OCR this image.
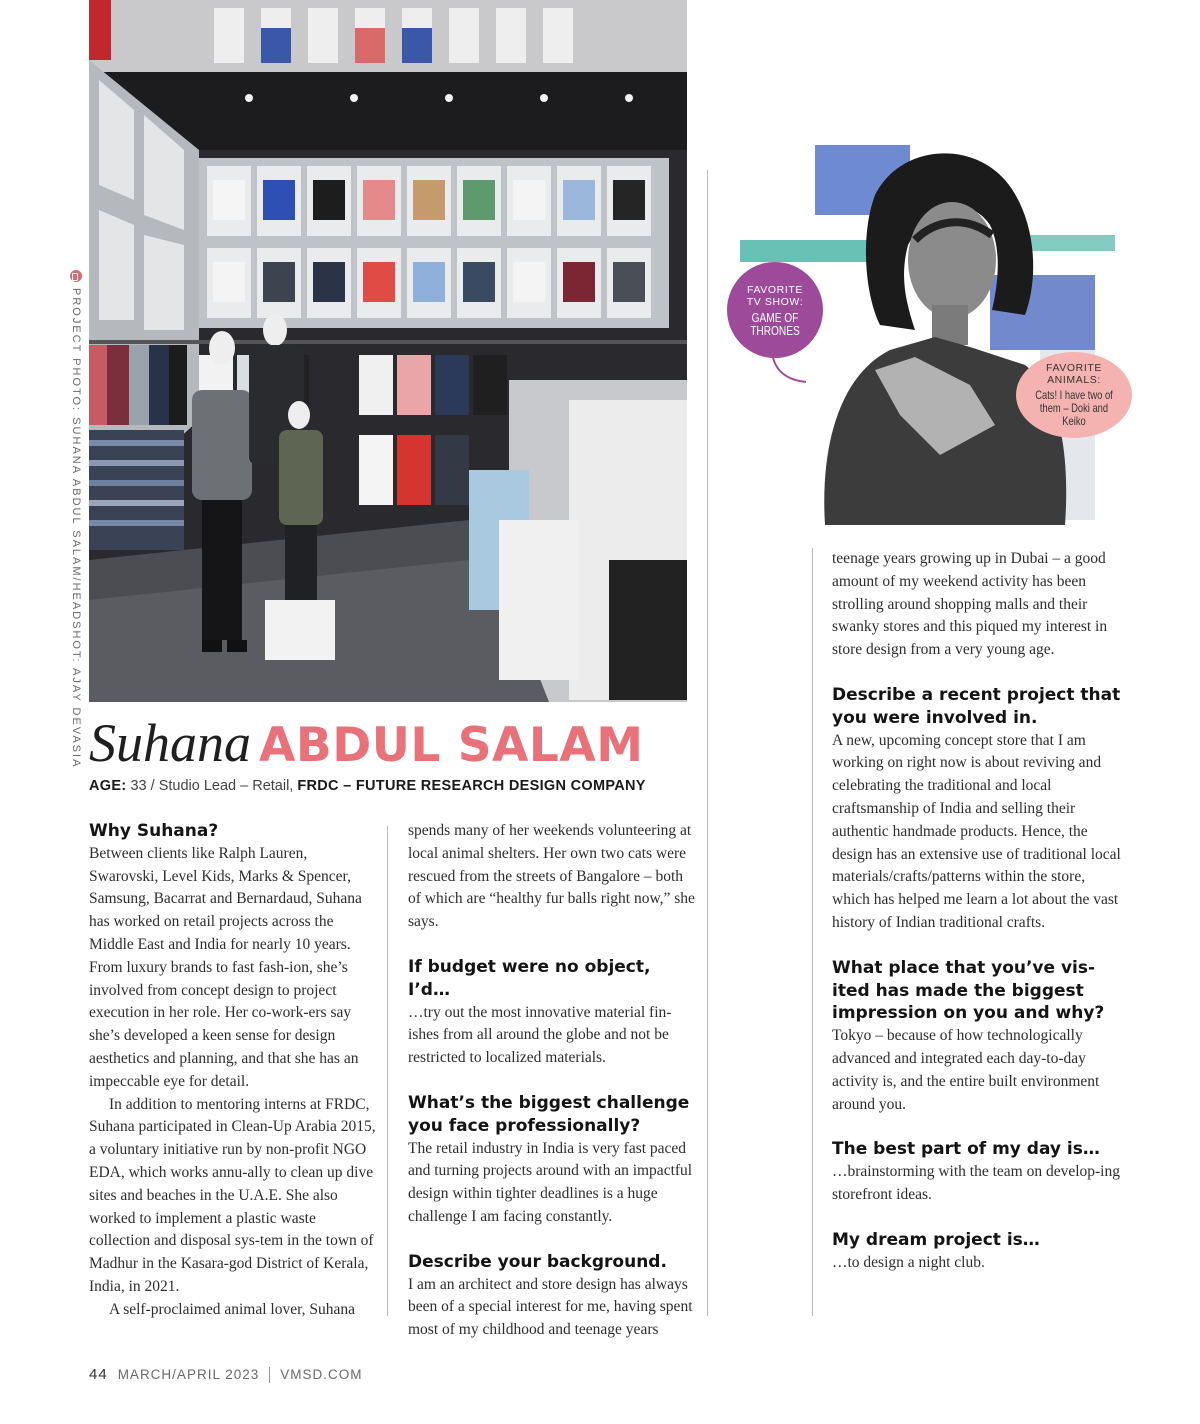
PROJECT PHOTO: SUHANA ABDUL SALAM/HEADSHOT: AJAY DEVASIA Suhana ABDUL SALAM
AGE: 33 / Studio Lead – Retail, FRDC – FUTURE RESEARCH DESIGN COMPANY
Why Suhana?

Between clients like Ralph Lauren, Swarovski, Level Kids, Marks & Spencer, Samsung, Bacarrat and Bernardaud, Suhana has worked on retail projects across the Middle East and India for nearly 10 years. From luxury brands to fast fash-ion, she’s involved from concept design to project execution in her role. Her co-work-ers say she’s developed a keen sense for design aesthetics and planning, and that she has an impeccable eye for detail.

In addition to mentoring interns at FRDC, Suhana participated in Clean-Up Arabia 2015, a voluntary initiative run by non-profit NGO EDA, which works annu-ally to clean up dive sites and beaches in the U.A.E. She also worked to implement a plastic waste collection and disposal sys-tem in the town of Madhur in the Kasara-god District of Kerala, India, in 2021.

A self-proclaimed animal lover, Suhana

spends many of her weekends volunteering at local animal shelters. Her own two cats were rescued from the streets of Bangalore – both of which are “healthy fur balls right now,” she says.

If budget were no object, I’d…

…try out the most innovative material fin-ishes from all around the globe and not be restricted to localized materials.

What’s the biggest challenge you face professionally?

The retail industry in India is very fast paced and turning projects around with an impactful design within tighter deadlines is a huge challenge I am facing constantly.

Describe your background.

I am an architect and store design has always been of a special interest for me, having spent most of my childhood and teenage years

FAVORITE TV SHOW:
GAME OF THRONES
FAVORITE ANIMALS:
Cats! I have two of them – Doki and Keiko

teenage years growing up in Dubai – a good amount of my weekend activity has been strolling around shopping malls and their swanky stores and this piqued my interest in store design from a very young age.

Describe a recent project that you were involved in.

A new, upcoming concept store that I am working on right now is about reviving and celebrating the traditional and local craftsmanship of India and selling their authentic handmade products. Hence, the design has an extensive use of traditional local materials/crafts/patterns within the store, which has helped me learn a lot about the vast history of Indian traditional crafts.

What place that you’ve vis-ited has made the biggest impression on you and why?

Tokyo – because of how technologically advanced and integrated each day-to-day activity is, and the entire built environment around you.

The best part of my day is…

…brainstorming with the team on develop-ing storefront ideas.

My dream project is…

…to design a night club.

44 MARCH/APRIL 2023 VMSD.COM
